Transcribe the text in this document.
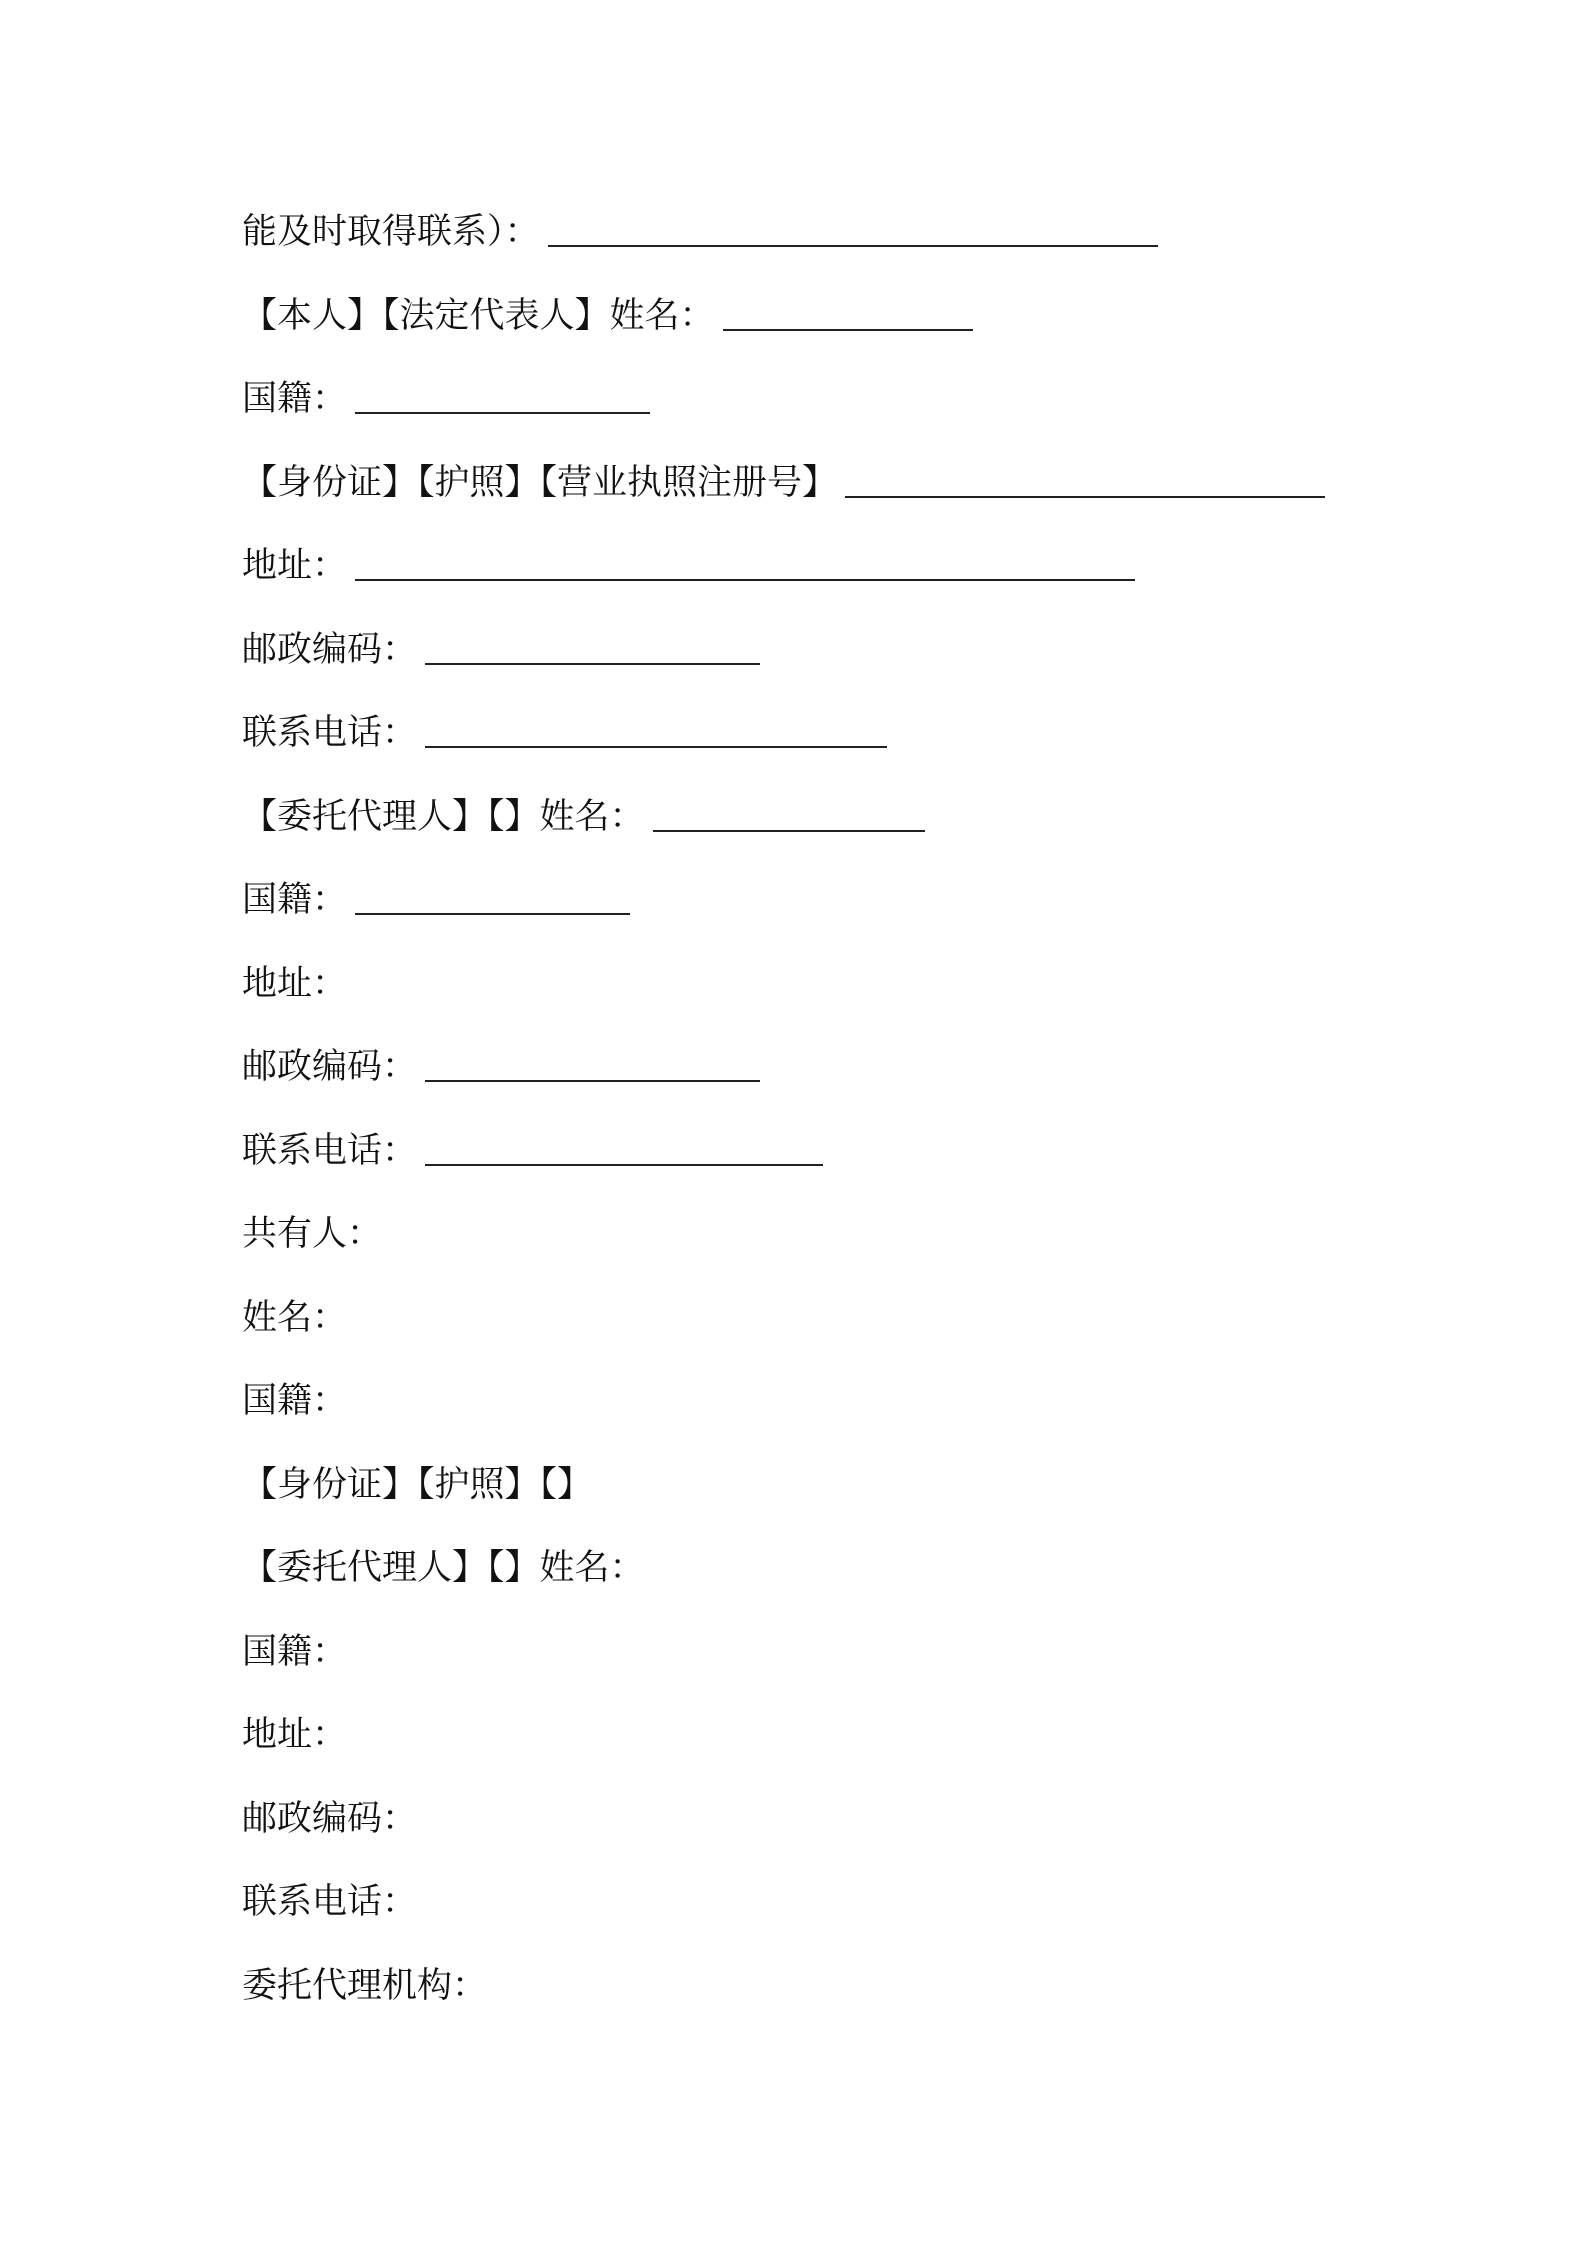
能及时取得联系）：
【本人】【法定代表人】姓名：
国籍：
【身份证】【护照】【营业执照注册号】
地址：
邮政编码：
联系电话：
【委托代理人】【】姓名：
国籍：
地址：
邮政编码：
联系电话：
共有人：
姓名：
国籍：
【身份证】【护照】【】
【委托代理人】【】姓名：
国籍：
地址：
邮政编码：
联系电话：
委托代理机构：
